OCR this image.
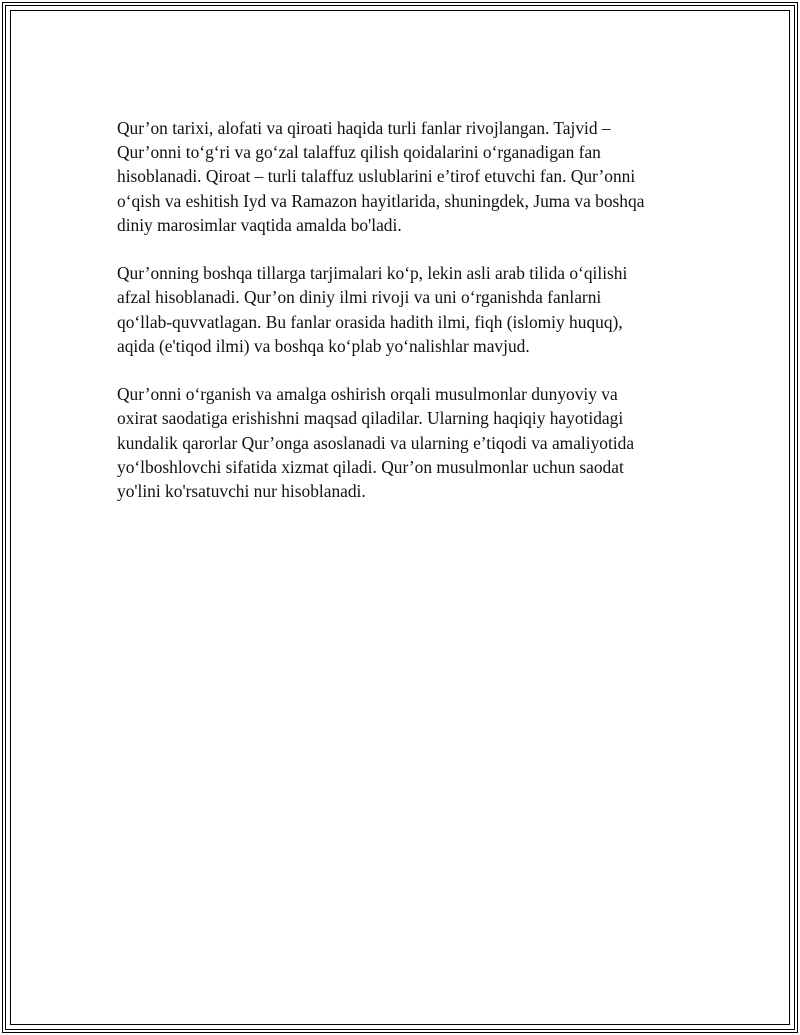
Qur’on tarixi, alofati va qiroati haqida turli fanlar rivojlangan. Tajvid –
Qur’onni to‘g‘ri va go‘zal talaffuz qilish qoidalarini o‘rganadigan fan
hisoblanadi. Qiroat – turli talaffuz uslublarini e’tirof etuvchi fan. Qur’onni
o‘qish va eshitish Iyd va Ramazon hayitlarida, shuningdek, Juma va boshqa
diniy marosimlar vaqtida amalda bo'ladi.

Qur’onning boshqa tillarga tarjimalari ko‘p, lekin asli arab tilida o‘qilishi
afzal hisoblanadi. Qur’on diniy ilmi rivoji va uni o‘rganishda fanlarni
qo‘llab-quvvatlagan. Bu fanlar orasida hadith ilmi, fiqh (islomiy huquq),
aqida (e'tiqod ilmi) va boshqa ko‘plab yo‘nalishlar mavjud.

Qur’onni o‘rganish va amalga oshirish orqali musulmonlar dunyoviy va
oxirat saodatiga erishishni maqsad qiladilar. Ularning haqiqiy hayotidagi
kundalik qarorlar Qur’onga asoslanadi va ularning e’tiqodi va amaliyotida
yo‘lboshlovchi sifatida xizmat qiladi. Qur’on musulmonlar uchun saodat
yo'lini ko'rsatuvchi nur hisoblanadi.
